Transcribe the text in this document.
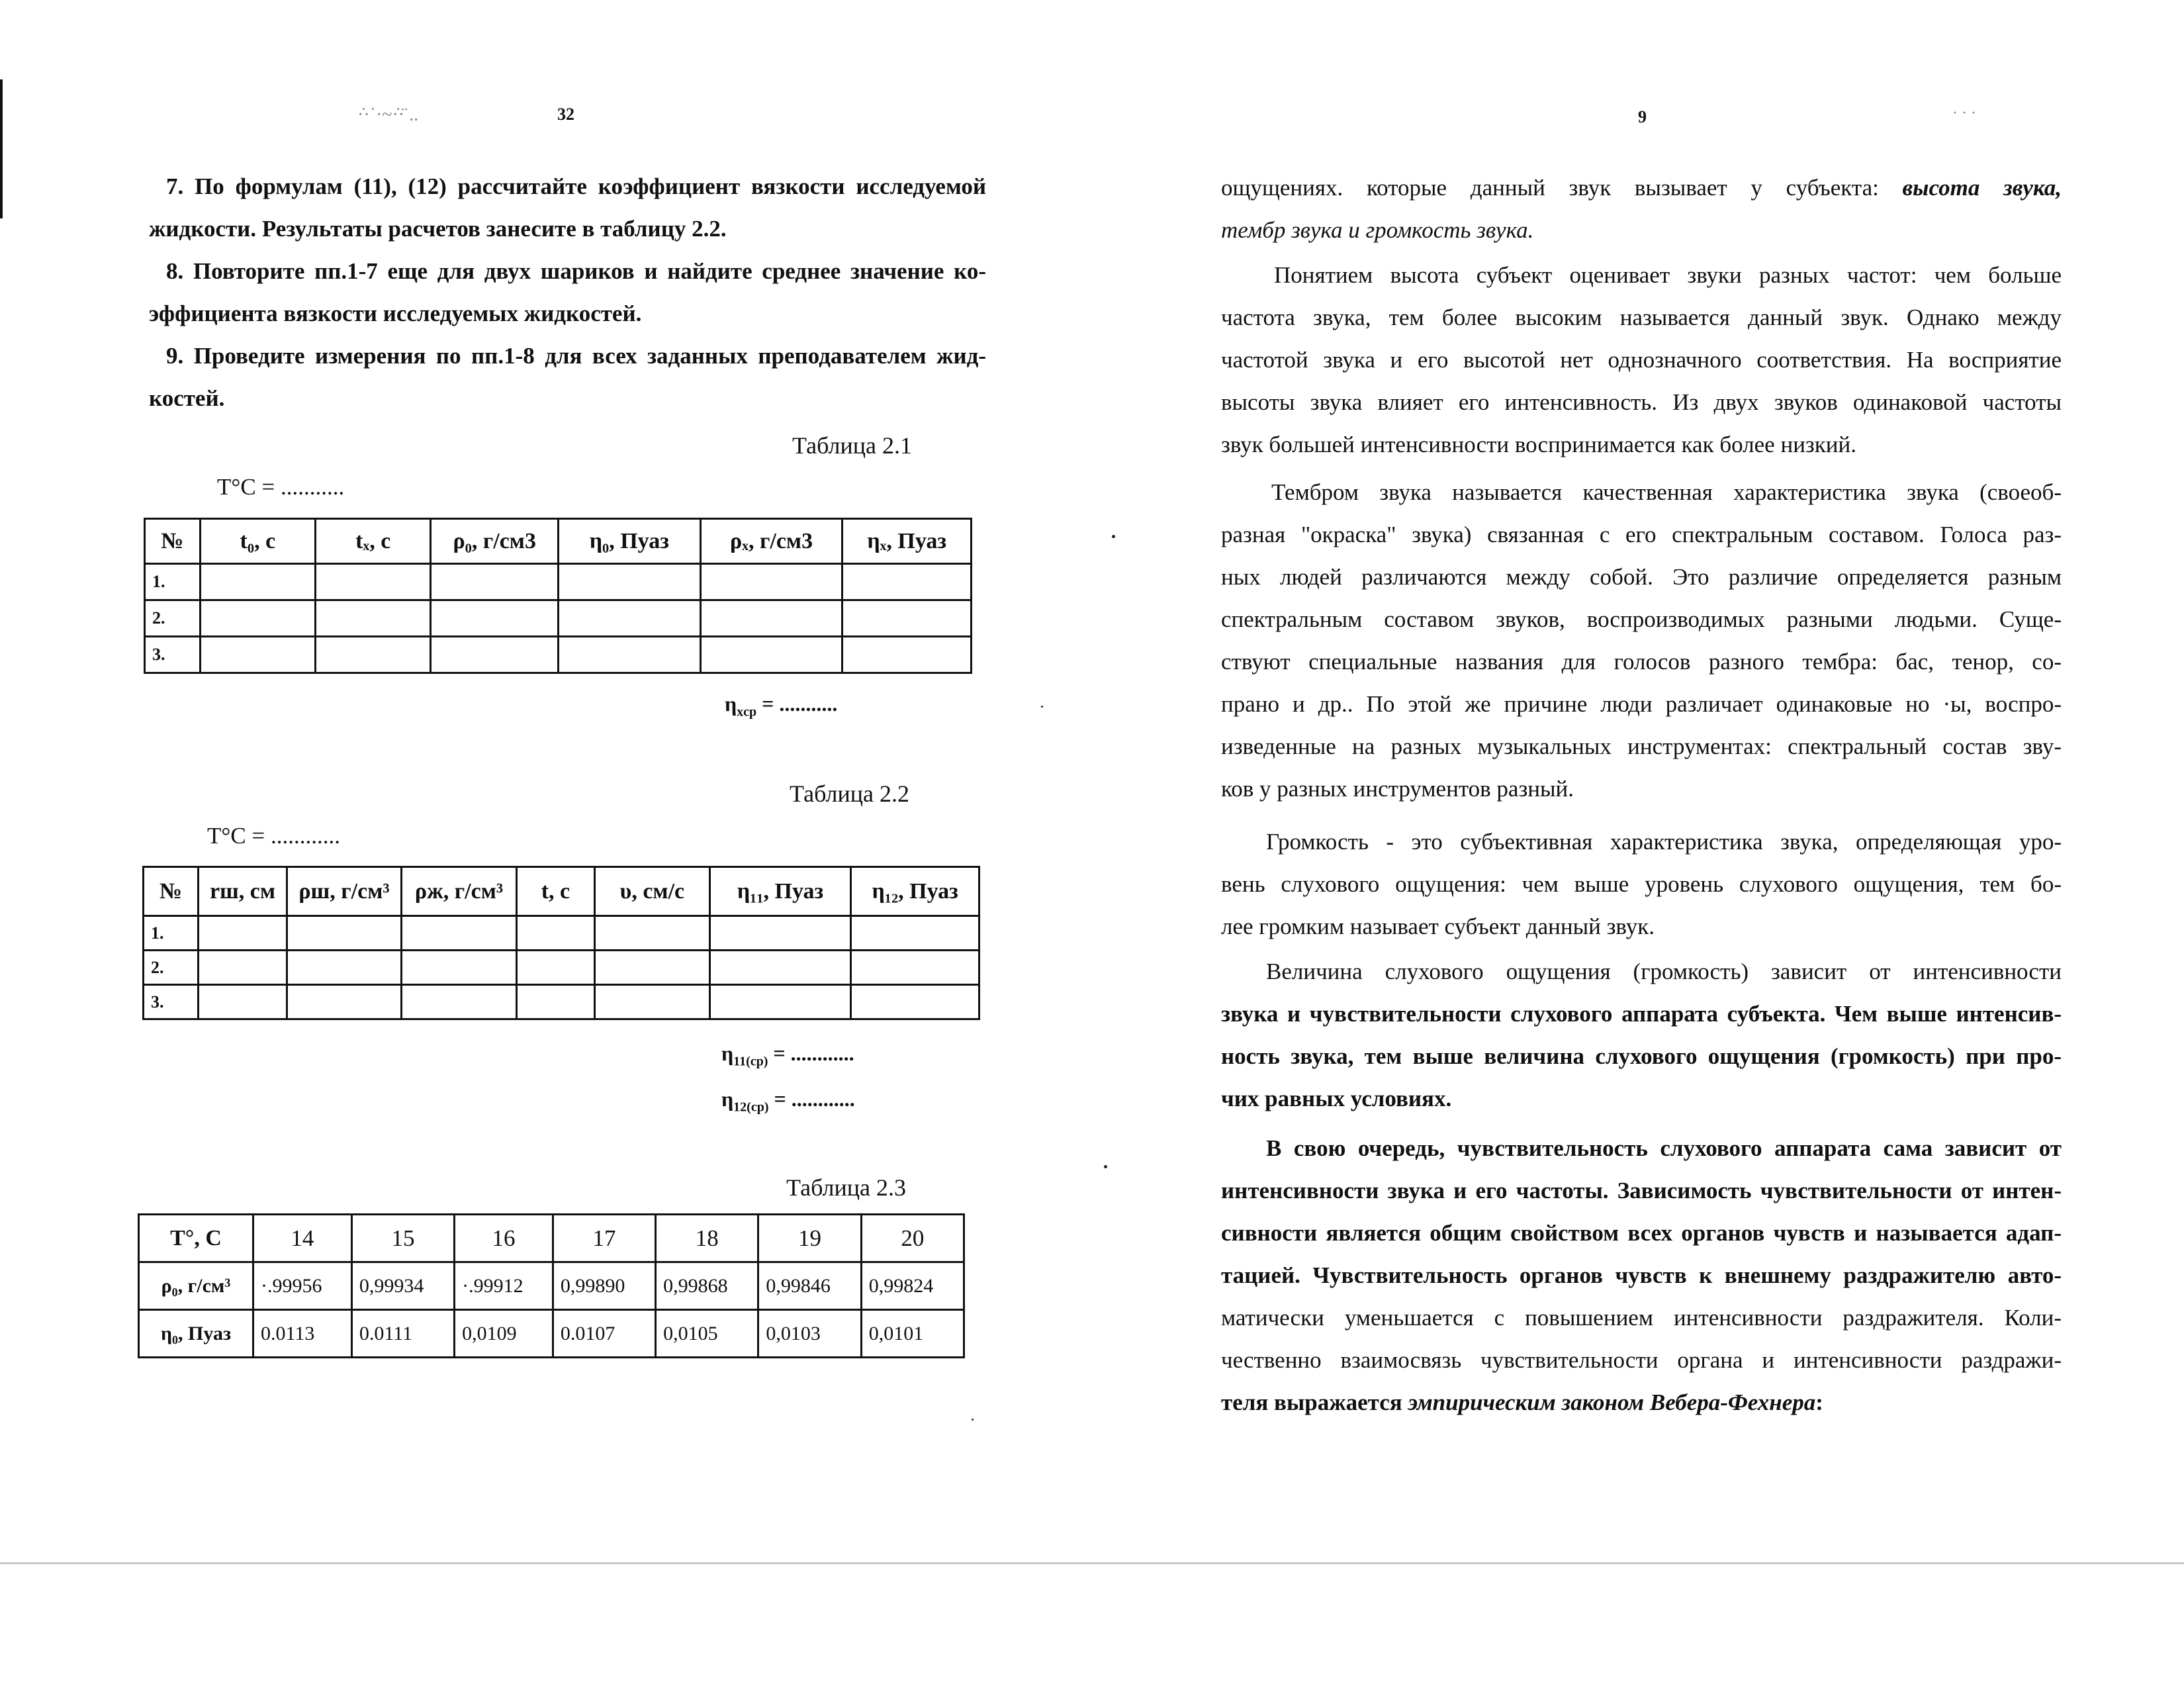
·̇·˙·~·̇·̈ ..	32
7. По формулам (11), (12) рассчитайте коэффициент вязкости исследуемой
жидкости. Результаты расчетов занесите в таблицу 2.2.
8. Повторите пп.1-7 еще для двух шариков и найдите среднее значение ко-
эффициента вязкости исследуемых жидкостей.
9. Проведите измерения по пп.1-8 для всех заданных преподавателем жид-
костей.
Таблица 2.1
T°C = ...........
№	t₀, c	tₓ, c	ρ₀, г/см3	η₀, Пуаз	ρₓ, г/см3	ηₓ, Пуаз
1.						
2.						
3.						
$\eta_{xcp}$ = ...........
Таблица 2.2
T°C = ............
№	rш, см	ρш, г/см³	ρж, г/см³	t, c	υ, см/с	η₁₁, Пуаз	η₁₂, Пуаз
1.							
2.							
3.							
$\eta_{11(ср)}$ = ............
$\eta_{12(ср)}$ = ............
Таблица 2.3
T°, C	14	15	16	17	18	19	20
ρ₀, г/см³	·.99956	0,99934	·.99912	0,99890	0,99868	0,99846	0,99824
η₀, Пуаз	0.0113	0.0111	0,0109	0.0107	0,0105	0,0103	0,0101
9	· · ·
ощущениях. которые данный звук вызывает у субъекта: высота звука,
тембр звука и громкость звука.
Понятием высота субъект оценивает звуки разных частот: чем больше
частота звука, тем более высоким называется данный звук. Однако между
частотой звука и его высотой нет однозначного соответствия. На восприятие
высоты звука влияет его интенсивность. Из двух звуков одинаковой частоты
звук большей интенсивности воспринимается как более низкий.
Тембром звука называется качественная характеристика звука (своеоб-
разная "окраска" звука) связанная с его спектральным составом. Голоса раз-
ных людей различаются между собой. Это различие определяется разным
спектральным составом звуков, воспроизводимых разными людьми. Суще-
ствуют специальные названия для голосов разного тембра: бас, тенор, со-
прано и др.. По этой же причине люди различает одинаковые но ·ы, воспро-
изведенные на разных музыкальных инструментах: спектральный состав зву-
ков у разных инструментов разный.
Громкость - это субъективная характеристика звука, определяющая уро-
вень слухового ощущения: чем выше уровень слухового ощущения, тем бо-
лее громким называет субъект данный звук.
Величина слухового ощущения (громкость) зависит от интенсивности
звука и чувствительности слухового аппарата субъекта. Чем выше интенсив-
ность звука, тем выше величина слухового ощущения (громкость) при про-
чих равных условиях.
В свою очередь, чувствительность слухового аппарата сама зависит от
интенсивности звука и его частоты. Зависимость чувствительности от интен-
сивности является общим свойством всех органов чувств и называется адап-
тацией. Чувствительность органов чувств к внешнему раздражителю авто-
матически уменьшается с повышением интенсивности раздражителя. Коли-
чественно взаимосвязь чувствительности органа и интенсивности раздражи-
теля выражается эмпирическим законом Вебера-Фехнера:
